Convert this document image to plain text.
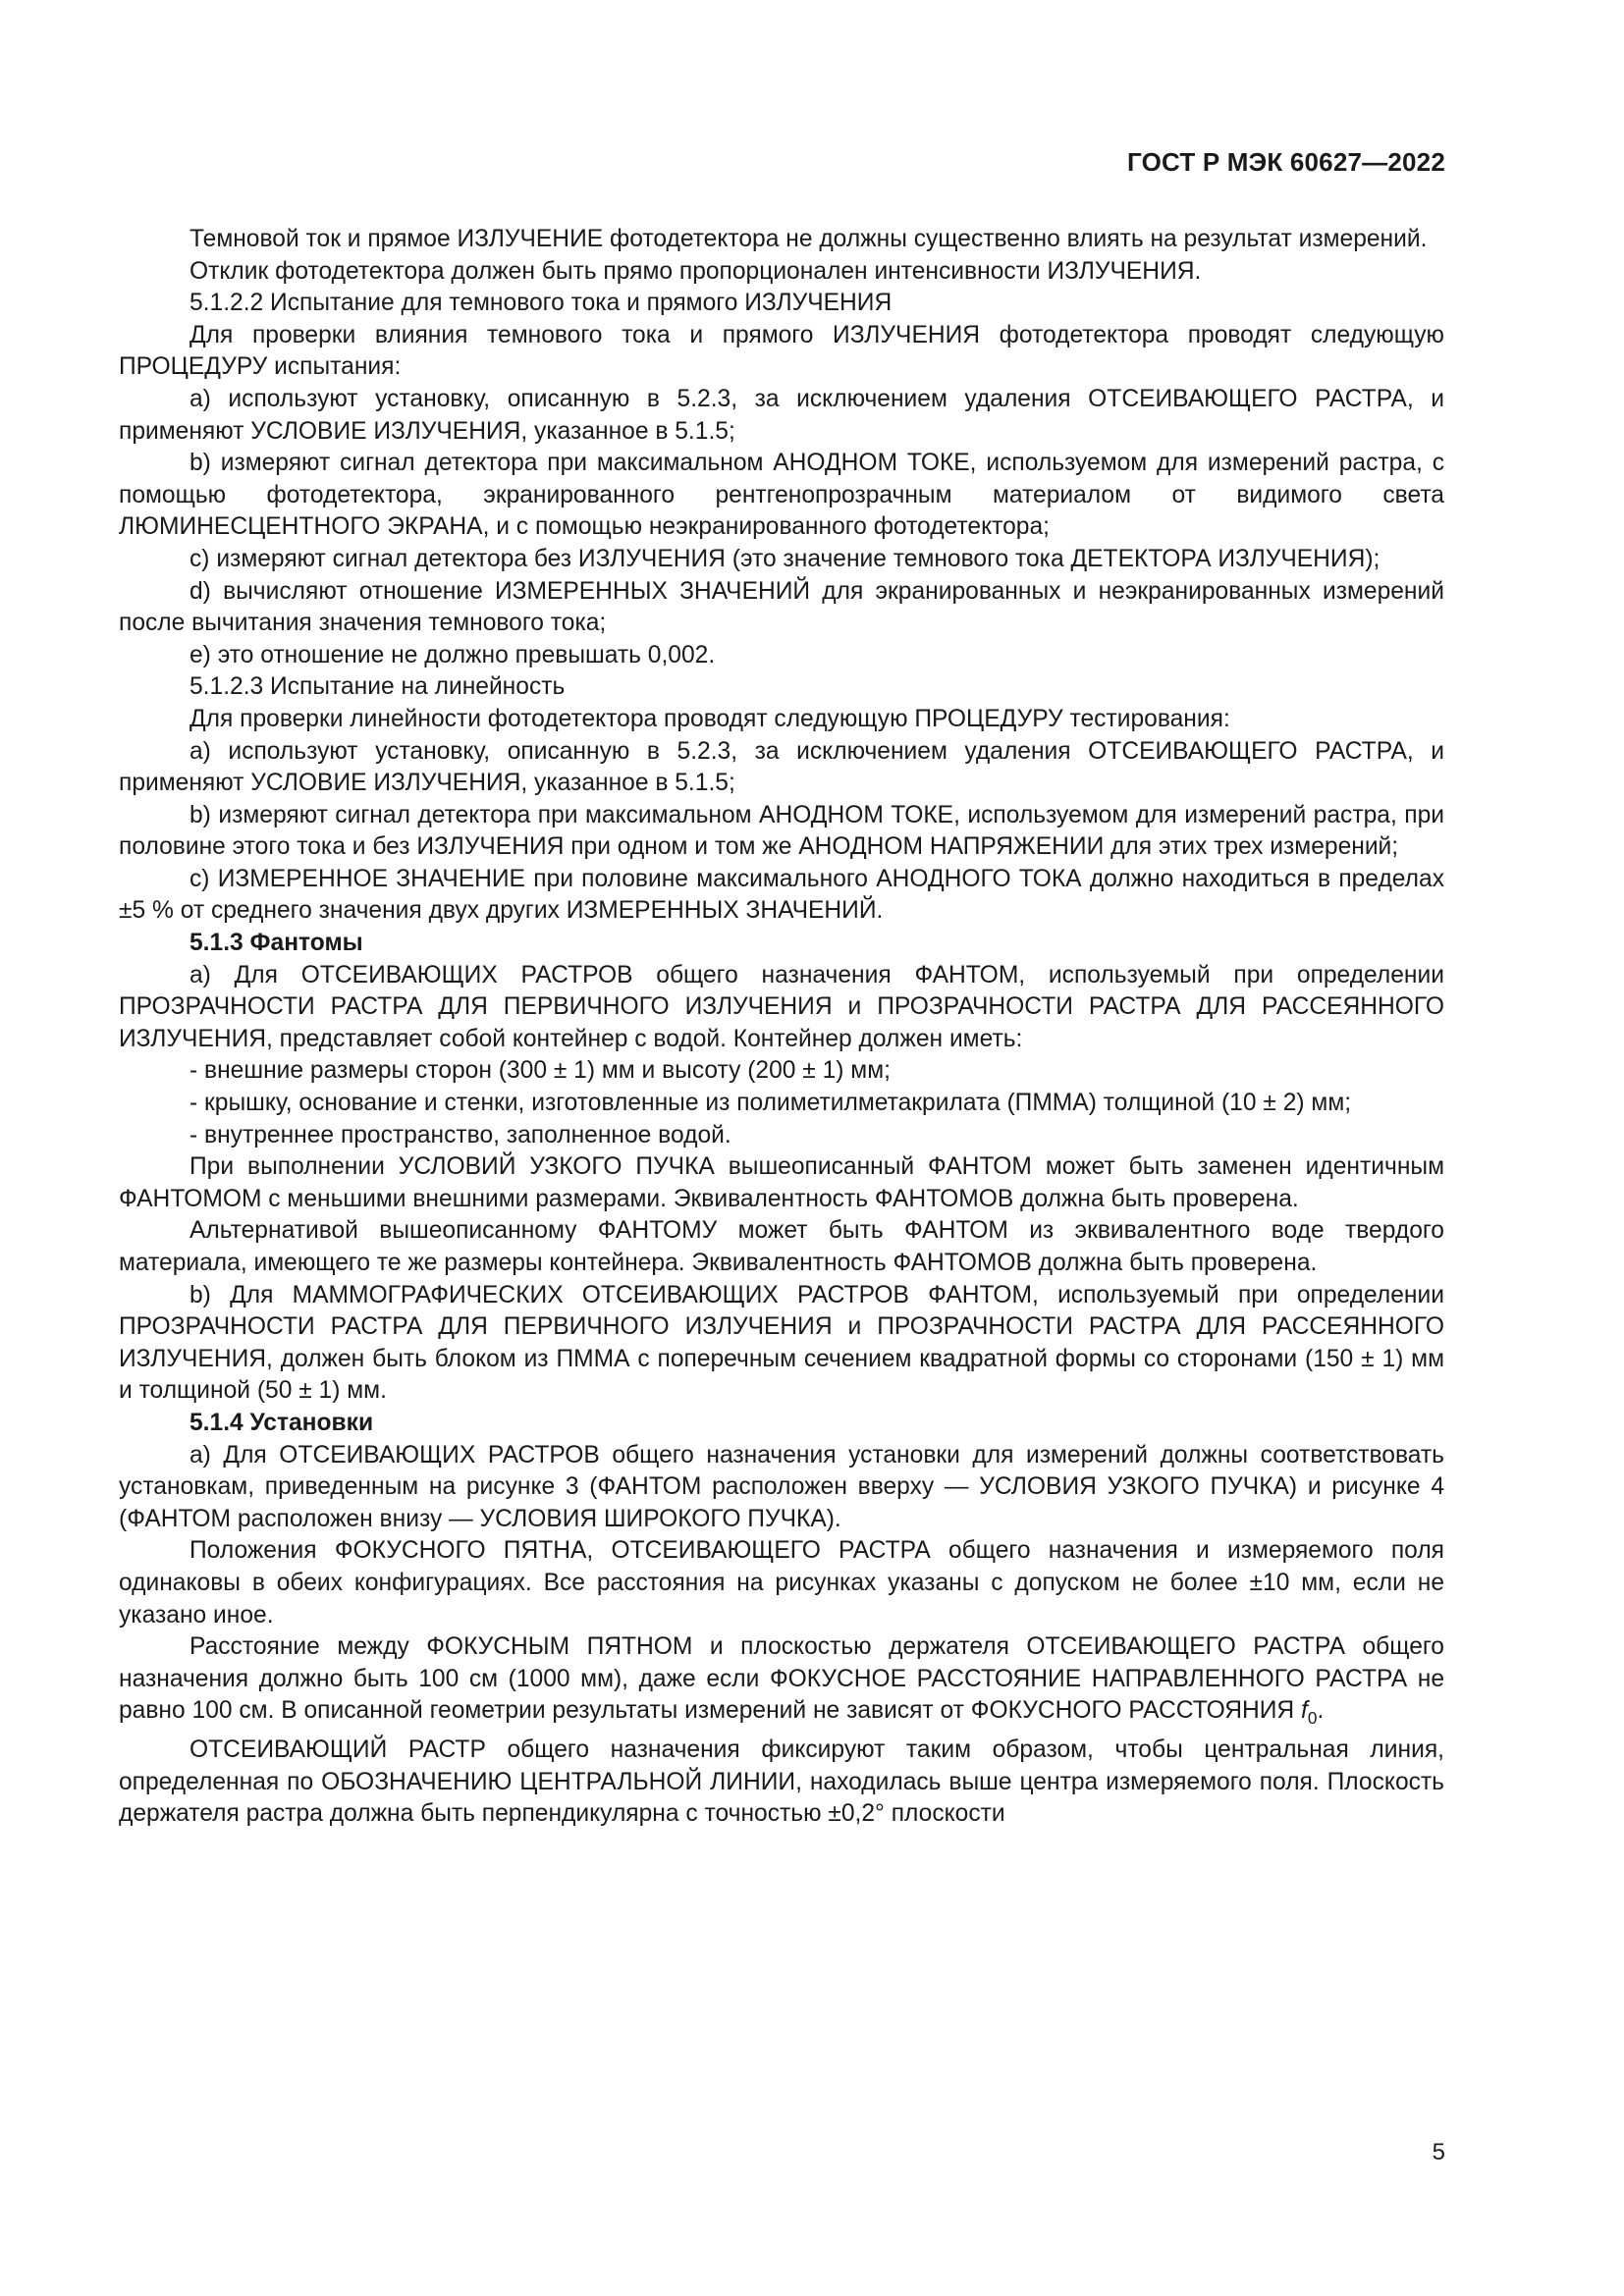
ГОСТ Р МЭК 60627—2022

Темновой ток и прямое ИЗЛУЧЕНИЕ фотодетектора не должны существенно влиять на результат измерений.

Отклик фотодетектора должен быть прямо пропорционален интенсивности ИЗЛУЧЕНИЯ.

5.1.2.2 Испытание для темнового тока и прямого ИЗЛУЧЕНИЯ

Для проверки влияния темнового тока и прямого ИЗЛУЧЕНИЯ фотодетектора проводят следующую ПРОЦЕДУРУ испытания:

a) используют установку, описанную в 5.2.3, за исключением удаления ОТСЕИВАЮЩЕГО РАСТРА, и применяют УСЛОВИЕ ИЗЛУЧЕНИЯ, указанное в 5.1.5;

b) измеряют сигнал детектора при максимальном АНОДНОМ ТОКЕ, используемом для измерений растра, с помощью фотодетектора, экранированного рентгенопрозрачным материалом от видимого света ЛЮМИНЕСЦЕНТНОГО ЭКРАНА, и с помощью неэкранированного фотодетектора;

c) измеряют сигнал детектора без ИЗЛУЧЕНИЯ (это значение темнового тока ДЕТЕКТОРА ИЗЛУЧЕНИЯ);

d) вычисляют отношение ИЗМЕРЕННЫХ ЗНАЧЕНИЙ для экранированных и неэкранированных измерений после вычитания значения темнового тока;

e) это отношение не должно превышать 0,002.

5.1.2.3 Испытание на линейность

Для проверки линейности фотодетектора проводят следующую ПРОЦЕДУРУ тестирования:

a) используют установку, описанную в 5.2.3, за исключением удаления ОТСЕИВАЮЩЕГО РАСТРА, и применяют УСЛОВИЕ ИЗЛУЧЕНИЯ, указанное в 5.1.5;

b) измеряют сигнал детектора при максимальном АНОДНОМ ТОКЕ, используемом для измерений растра, при половине этого тока и без ИЗЛУЧЕНИЯ при одном и том же АНОДНОМ НАПРЯЖЕНИИ для этих трех измерений;

c) ИЗМЕРЕННОЕ ЗНАЧЕНИЕ при половине максимального АНОДНОГО ТОКА должно находиться в пределах ±5 % от среднего значения двух других ИЗМЕРЕННЫХ ЗНАЧЕНИЙ.

5.1.3 Фантомы

a) Для ОТСЕИВАЮЩИХ РАСТРОВ общего назначения ФАНТОМ, используемый при определении ПРОЗРАЧНОСТИ РАСТРА ДЛЯ ПЕРВИЧНОГО ИЗЛУЧЕНИЯ и ПРОЗРАЧНОСТИ РАСТРА ДЛЯ РАССЕЯННОГО ИЗЛУЧЕНИЯ, представляет собой контейнер с водой. Контейнер должен иметь:

- внешние размеры сторон (300 ± 1) мм и высоту (200 ± 1) мм;

- крышку, основание и стенки, изготовленные из полиметилметакрилата (ПММА) толщиной (10 ± 2) мм;

- внутреннее пространство, заполненное водой.

При выполнении УСЛОВИЙ УЗКОГО ПУЧКА вышеописанный ФАНТОМ может быть заменен идентичным ФАНТОМОМ с меньшими внешними размерами. Эквивалентность ФАНТОМОВ должна быть проверена.

Альтернативой вышеописанному ФАНТОМУ может быть ФАНТОМ из эквивалентного воде твердого материала, имеющего те же размеры контейнера. Эквивалентность ФАНТОМОВ должна быть проверена.

b) Для МАММОГРАФИЧЕСКИХ ОТСЕИВАЮЩИХ РАСТРОВ ФАНТОМ, используемый при определении ПРОЗРАЧНОСТИ РАСТРА ДЛЯ ПЕРВИЧНОГО ИЗЛУЧЕНИЯ и ПРОЗРАЧНОСТИ РАСТРА ДЛЯ РАССЕЯННОГО ИЗЛУЧЕНИЯ, должен быть блоком из ПММА с поперечным сечением квадратной формы со сторонами (150 ± 1) мм и толщиной (50 ± 1) мм.

5.1.4 Установки

a) Для ОТСЕИВАЮЩИХ РАСТРОВ общего назначения установки для измерений должны соответствовать установкам, приведенным на рисунке 3 (ФАНТОМ расположен вверху — УСЛОВИЯ УЗКОГО ПУЧКА) и рисунке 4 (ФАНТОМ расположен внизу — УСЛОВИЯ ШИРОКОГО ПУЧКА).

Положения ФОКУСНОГО ПЯТНА, ОТСЕИВАЮЩЕГО РАСТРА общего назначения и измеряемого поля одинаковы в обеих конфигурациях. Все расстояния на рисунках указаны с допуском не более ±10 мм, если не указано иное.

Расстояние между ФОКУСНЫМ ПЯТНОМ и плоскостью держателя ОТСЕИВАЮЩЕГО РАСТРА общего назначения должно быть 100 см (1000 мм), даже если ФОКУСНОЕ РАССТОЯНИЕ НАПРАВЛЕННОГО РАСТРА не равно 100 см. В описанной геометрии результаты измерений не зависят от ФОКУСНОГО РАССТОЯНИЯ $f_0$.

ОТСЕИВАЮЩИЙ РАСТР общего назначения фиксируют таким образом, чтобы центральная линия, определенная по ОБОЗНАЧЕНИЮ ЦЕНТРАЛЬНОЙ ЛИНИИ, находилась выше центра измеряемого поля. Плоскость держателя растра должна быть перпендикулярна с точностью ±0,2° плоскости

5
